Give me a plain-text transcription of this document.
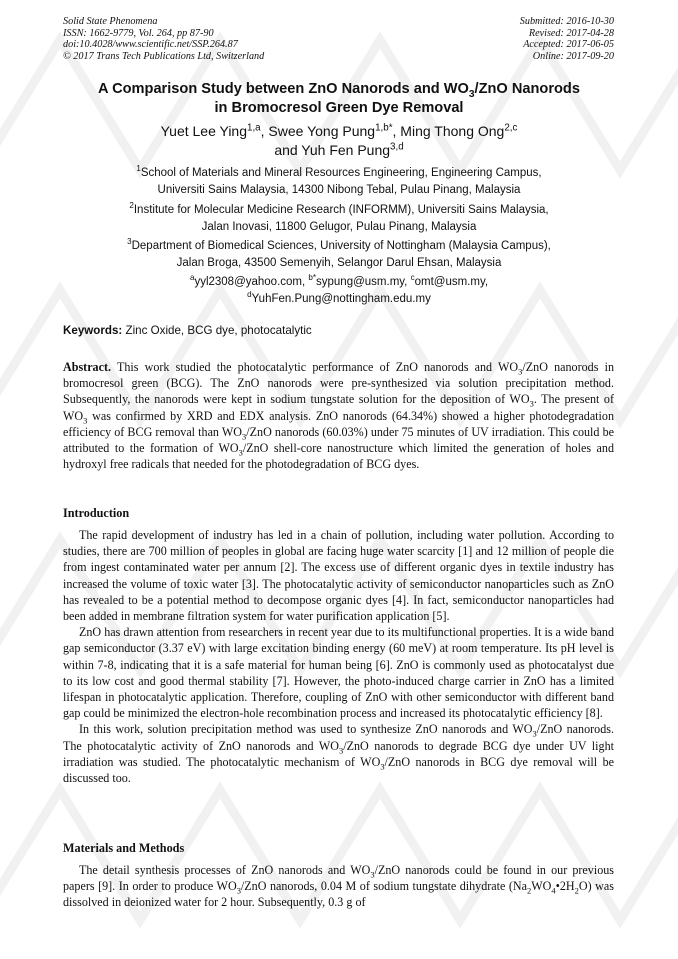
Solid State Phenomena
ISSN: 1662-9779, Vol. 264, pp 87-90
doi:10.4028/www.scientific.net/SSP.264.87
© 2017 Trans Tech Publications Ltd, Switzerland
Submitted: 2016-10-30
Revised: 2017-04-28
Accepted: 2017-06-05
Online: 2017-09-20
A Comparison Study between ZnO Nanorods and $WO_3$/ZnO Nanorods
in Bromocresol Green Dye Removal
Yuet Lee Ying$^{1,a}$, Swee Yong Pung$^{1,b*}$, Ming Thong Ong$^{2,c}$
and Yuh Fen Pung$^{3,d}$
$^1$School of Materials and Mineral Resources Engineering, Engineering Campus,
Universiti Sains Malaysia, 14300 Nibong Tebal, Pulau Pinang, Malaysia
$^2$Institute for Molecular Medicine Research (INFORMM), Universiti Sains Malaysia,
Jalan Inovasi, 11800 Gelugor, Pulau Pinang, Malaysia
$^3$Department of Biomedical Sciences, University of Nottingham (Malaysia Campus),
Jalan Broga, 43500 Semenyih, Selangor Darul Ehsan, Malaysia
$^a$yyl2308@yahoo.com, $^{b*}$sypung@usm.my, $^c$omt@usm.my,
$^d$YuhFen.Pung@nottingham.edu.my
Keywords: Zinc Oxide, BCG dye, photocatalytic

Abstract. This work studied the photocatalytic performance of ZnO nanorods and $WO_3$/ZnO nanorods in bromocresol green (BCG). The ZnO nanorods were pre-synthesized via solution precipitation method. Subsequently, the nanorods were kept in sodium tungstate solution for the deposition of $WO_3$. The present of $WO_3$ was confirmed by XRD and EDX analysis. ZnO nanorods (64.34%) showed a higher photodegradation efficiency of BCG removal than $WO_3$/ZnO nanorods (60.03%) under 75 minutes of UV irradiation. This could be attributed to the formation of $WO_3$/ZnO shell-core nanostructure which limited the generation of holes and hydroxyl free radicals that needed for the photodegradation of BCG dyes.

Introduction

The rapid development of industry has led in a chain of pollution, including water pollution. According to studies, there are 700 million of peoples in global are facing huge water scarcity [1] and 12 million of people die from ingest contaminated water per annum [2]. The excess use of different organic dyes in textile industry has increased the volume of toxic water [3]. The photocatalytic activity of semiconductor nanoparticles such as ZnO has revealed to be a potential method to decompose organic dyes [4]. In fact, semiconductor nanoparticles had been added in membrane filtration system for water purification application [5].

ZnO has drawn attention from researchers in recent year due to its multifunctional properties. It is a wide band gap semiconductor (3.37 eV) with large excitation binding energy (60 meV) at room temperature. Its pH level is within 7-8, indicating that it is a safe material for human being [6]. ZnO is commonly used as photocatalyst due to its low cost and good thermal stability [7]. However, the photo-induced charge carrier in ZnO has a limited lifespan in photocatalytic application. Therefore, coupling of ZnO with other semiconductor with different band gap could be minimized the electron-hole recombination process and increased its photocatalytic efficiency [8].

In this work, solution precipitation method was used to synthesize ZnO nanorods and $WO_3$/ZnO nanorods. The photocatalytic activity of ZnO nanorods and $WO_3$/ZnO nanorods to degrade BCG dye under UV light irradiation was studied. The photocatalytic mechanism of $WO_3$/ZnO nanorods in BCG dye removal will be discussed too.

Materials and Methods

The detail synthesis processes of ZnO nanorods and $WO_3$/ZnO nanorods could be found in our previous papers [9]. In order to produce $WO_3$/ZnO nanorods, 0.04 M of sodium tungstate dihydrate $(Na_2WO_4•2H_2O)$ was dissolved in deionized water for 2 hour. Subsequently, 0.3 g of
